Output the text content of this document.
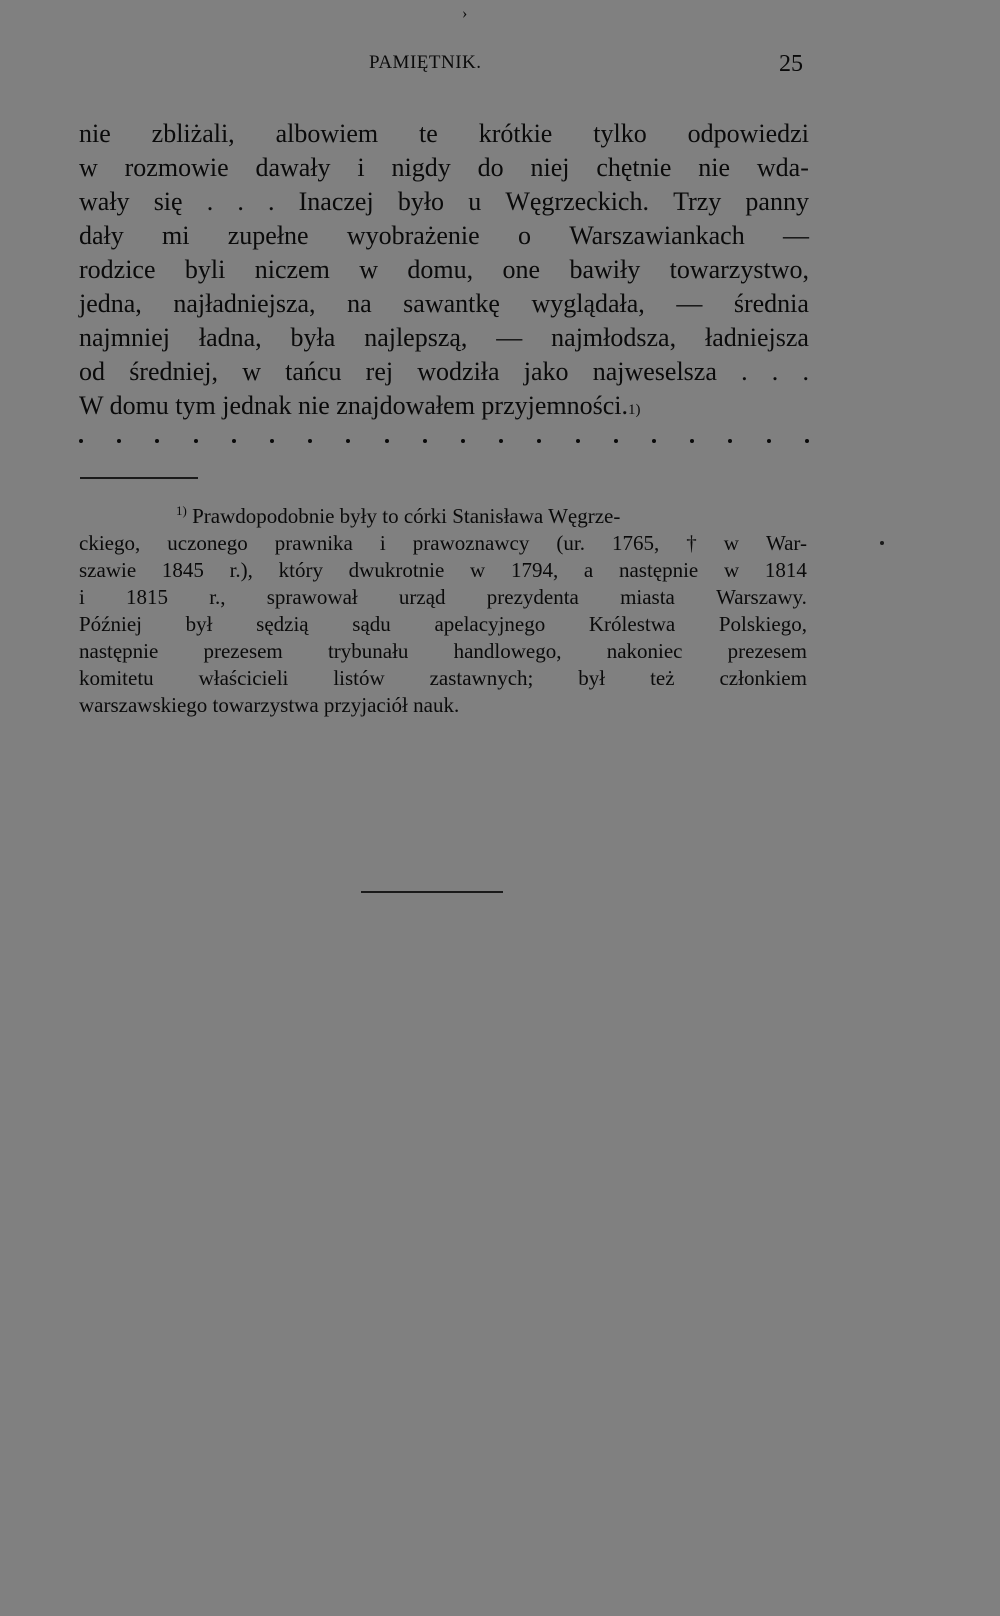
›
PAMIĘTNIK.	25
nie zbliżali, albowiem te krótkie tylko odpowiedzi
w rozmowie dawały i nigdy do niej chętnie nie wda-
wały się . . . Inaczej było u Węgrzeckich. Trzy panny
dały mi zupełne wyobrażenie o Warszawiankach —
rodzice byli niczem w domu, one bawiły towarzystwo,
jedna, najładniejsza, na sawantkę wyglądała, — średnia
najmniej ładna, była najlepszą, — najmłodsza, ładniejsza
od średniej, w tańcu rej wodziła jako najweselsza . . .
W domu tym jednak nie znajdowałem przyjemności. 1)
$^{1)}$ Prawdopodobnie były to córki Stanisława Węgrze-
ckiego, uczonego prawnika i prawoznawcy (ur. 1765, † w War-
szawie 1845 r.), który dwukrotnie w 1794, a następnie w 1814
i 1815 r., sprawował urząd prezydenta miasta Warszawy.
Później był sędzią sądu apelacyjnego Królestwa Polskiego,
następnie prezesem trybunału handlowego, nakoniec prezesem
komitetu właścicieli listów zastawnych; był też członkiem
warszawskiego towarzystwa przyjaciół nauk.
